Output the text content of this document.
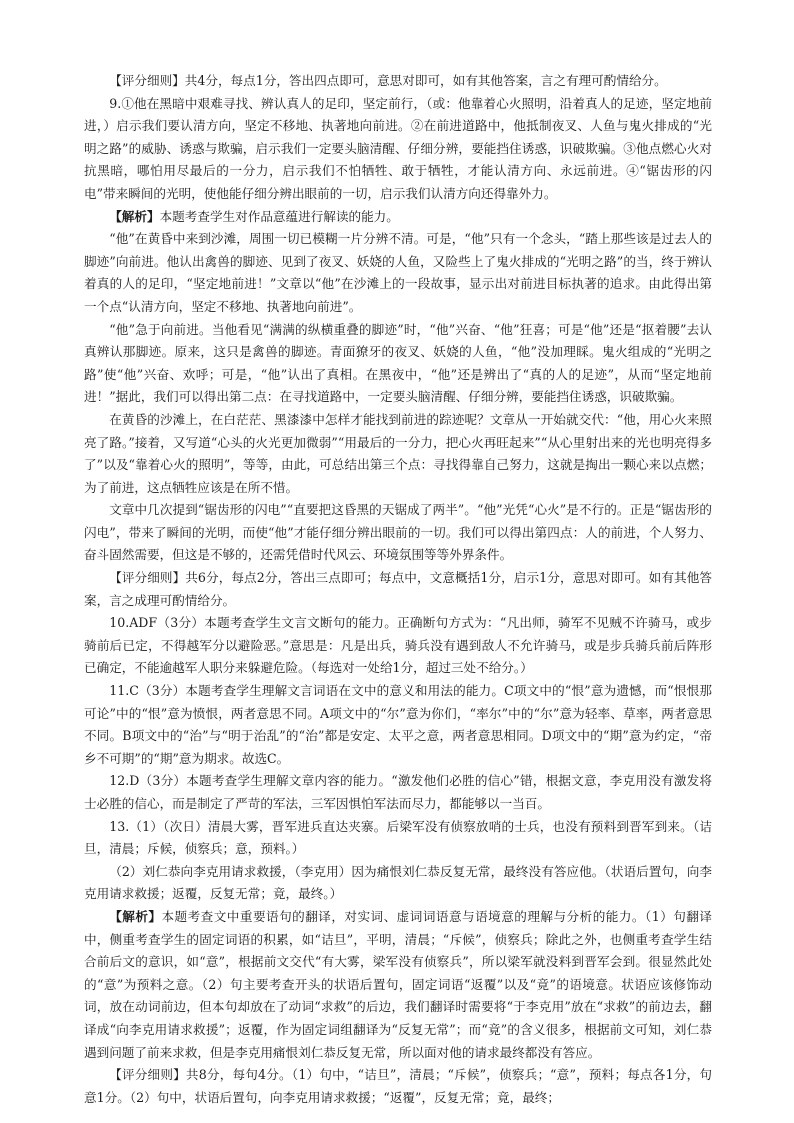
【评分细则】共4分，每点1分，答出四点即可，意思对即可，如有其他答案，言之有理可酌情给分。

9.①他在黑暗中艰难寻找、辨认真人的足印，坚定前行，（或：他靠着心火照明，沿着真人的足迹，坚定地前进，）启示我们要认清方向，坚定不移地、执著地向前进。②在前进道路中，他抵制夜叉、人鱼与鬼火排成的“光明之路”的威胁、诱惑与欺骗，启示我们一定要头脑清醒、仔细分辨，要能挡住诱惑，识破欺骗。③他点燃心火对抗黑暗，哪怕用尽最后的一分力，启示我们不怕牺牲、敢于牺牲，才能认清方向、永远前进。④“锯齿形的闪电”带来瞬间的光明，使他能仔细分辨出眼前的一切，启示我们认清方向还得靠外力。

【解析】本题考查学生对作品意蕴进行解读的能力。

“他”在黄昏中来到沙滩，周围一切已模糊一片分辨不清。可是，“他”只有一个念头，“踏上那些该是过去人的脚迹”向前进。他认出禽兽的脚迹、见到了夜叉、妖娆的人鱼，又险些上了鬼火排成的“光明之路”的当，终于辨认着真的人的足印，“坚定地前进！”文章以“他”在沙滩上的一段故事，显示出对前进目标执著的追求。由此得出第一个点“认清方向，坚定不移地、执著地向前进”。

“他”急于向前进。当他看见“满满的纵横重叠的脚迹”时，“他”兴奋、“他”狂喜；可是“他”还是“抠着腰”去认真辨认那脚迹。原来，这只是禽兽的脚迹。青面獠牙的夜叉、妖娆的人鱼，“他”没加理睬。鬼火组成的“光明之路”使“他”兴奋、欢呼；可是，“他”认出了真相。在黑夜中，“他”还是辨出了“真的人的足迹”，从而“坚定地前进！”据此，我们可以得出第二点：在寻找道路中，一定要头脑清醒、仔细分辨，要能挡住诱惑，识破欺骗。

在黄昏的沙滩上，在白茫茫、黑漆漆中怎样才能找到前进的踪迹呢？文章从一开始就交代：“他，用心火来照亮了路。”接着，又写道“心头的火光更加微弱”“用最后的一分力，把心火再旺起来”“从心里射出来的光也明亮得多了”以及“靠着心火的照明”，等等，由此，可总结出第三个点：寻找得靠自己努力，这就是掏出一颗心来以点燃；为了前进，这点牺牲应该是在所不惜。

文章中几次提到“锯齿形的闪电”“直要把这昏黑的天锯成了两半”。“他”光凭“心火”是不行的。正是“锯齿形的闪电”，带来了瞬间的光明，而使“他”才能仔细分辨出眼前的一切。我们可以得出第四点：人的前进，个人努力、奋斗固然需要，但这是不够的，还需凭借时代风云、环境氛围等等外界条件。

【评分细则】共6分，每点2分，答出三点即可；每点中，文意概括1分，启示1分，意思对即可。如有其他答案，言之成理可酌情给分。

10.ADF（3分）本题考查学生文言文断句的能力。正确断句方式为：“凡出师，骑军不见贼不许骑马，或步骑前后已定，不得越军分以避险恶。”意思是：凡是出兵，骑兵没有遇到敌人不允许骑马，或是步兵骑兵前后阵形已确定，不能逾越军人职分来躲避危险。（每选对一处给1分，超过三处不给分。）

11.C（3分）本题考查学生理解文言词语在文中的意义和用法的能力。C项文中的“恨”意为遗憾，而“恨恨那可论”中的“恨”意为愤恨，两者意思不同。A项文中的“尔”意为你们，“率尔”中的“尔”意为轻率、草率，两者意思不同。B项文中的“治”与“明于治乱”的“治”都是安定、太平之意，两者意思相同。D项文中的“期”意为约定，“帝乡不可期”的“期”意为期求。故选C。

12.D（3分）本题考查学生理解文章内容的能力。“激发他们必胜的信心”错，根据文意，李克用没有激发将士必胜的信心，而是制定了严苛的军法，三军因惧怕军法而尽力，都能够以一当百。

13.（1）（次日）清晨大雾，晋军进兵直达夹寨。后梁军没有侦察放哨的士兵，也没有预料到晋军到来。（诘旦，清晨；斥候，侦察兵；意，预料。）

（2）刘仁恭向李克用请求救援，（李克用）因为痛恨刘仁恭反复无常，最终没有答应他。（状语后置句，向李克用请求救援；返覆，反复无常；竟，最终。）

【解析】本题考查文中重要语句的翻译，对实词、虚词词语意与语境意的理解与分析的能力。（1）句翻译中，侧重考查学生的固定词语的积累，如“诘旦”，平明，清晨；“斥候”，侦察兵；除此之外，也侧重考查学生结合前后文的意识，如“意”，根据前文交代“有大雾，梁军没有侦察兵”，所以梁军就没料到晋军会到。很显然此处的“意”为预料之意。（2）句主要考查开头的状语后置句，固定词语“返覆”以及“竟”的语境意。状语应该修饰动词，放在动词前边，但本句却放在了动词“求救”的后边，我们翻译时需要将“于李克用”放在“求救”的前边去，翻译成“向李克用请求救援”；返覆，作为固定词组翻译为“反复无常”；而“竟”的含义很多，根据前文可知，刘仁恭遇到问题了前来求救，但是李克用痛恨刘仁恭反复无常，所以面对他的请求最终都没有答应。

【评分细则】共8分，每句4分。（1）句中，“诘旦”，清晨；“斥候”，侦察兵；“意”，预料；每点各1分，句意1分。（2）句中，状语后置句，向李克用请求救援；“返覆”，反复无常；竟，最终；
